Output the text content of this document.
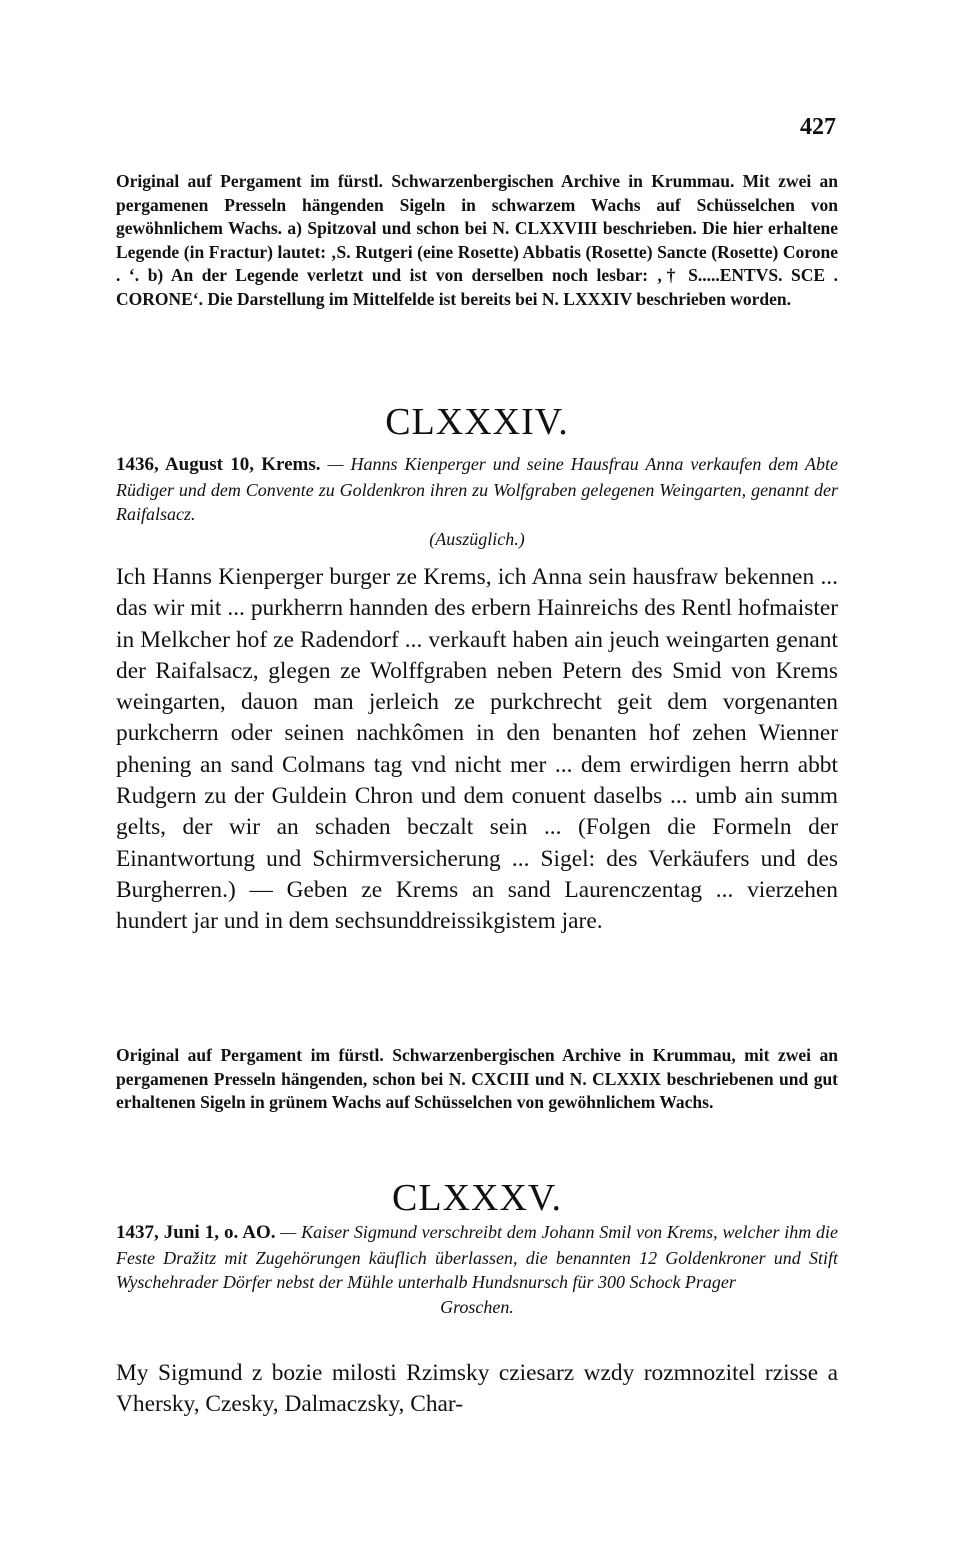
427
Original auf Pergament im fürstl. Schwarzenbergischen Archive in Krummau. Mit zwei an pergamenen Presseln hängenden Sigeln in schwarzem Wachs auf Schüsselchen von gewöhnlichem Wachs. a) Spitzoval und schon bei N. CLXXVIII beschrieben. Die hier erhaltene Legende (in Fractur) lautet: ‚S. Rutgeri (eine Rosette) Abbatis (Rosette) Sancte (Rosette) Corone . ‘. b) An der Legende verletzt und ist von derselben noch lesbar: ‚† S.....ENTVS. SCE . CORONE‘. Die Darstellung im Mittelfelde ist bereits bei N. LXXXIV beschrieben worden.
CLXXXIV.
1436, August 10, Krems. — Hanns Kienperger und seine Hausfrau Anna verkaufen dem Abte Rüdiger und dem Convente zu Goldenkron ihren zu Wolfgraben gelegenen Weingarten, genannt der Raifalsacz.
(Auszüglich.)

Ich Hanns Kienperger burger ze Krems, ich Anna sein hausfraw bekennen ... das wir mit ... purkherrn hannden des erbern Hainreichs des Rentl hofmaister in Melkcher hof ze Radendorf ... verkauft haben ain jeuch weingarten genant der Raifalsacz, glegen ze Wolffgraben neben Petern des Smid von Krems weingarten, dauon man jerleich ze purkchrecht geit dem vorgenanten purkcherrn oder seinen nachkômen in den benanten hof zehen Wienner phening an sand Colmans tag vnd nicht mer ... dem erwirdigen herrn abbt Rudgern zu der Guldein Chron und dem conuent daselbs ... umb ain summ gelts, der wir an schaden beczalt sein ... (Folgen die Formeln der Einantwortung und Schirmversicherung ... Sigel: des Verkäufers und des Burgherren.) — Geben ze Krems an sand Laurenczentag ... vierzehen hundert jar und in dem sechsunddreissikgistem jare.

Original auf Pergament im fürstl. Schwarzenbergischen Archive in Krummau, mit zwei an pergamenen Presseln hängenden, schon bei N. CXCIII und N. CLXXIX beschriebenen und gut erhaltenen Sigeln in grünem Wachs auf Schüsselchen von gewöhnlichem Wachs.
CLXXXV.
1437, Juni 1, o. AO. — Kaiser Sigmund verschreibt dem Johann Smil von Krems, welcher ihm die Feste Dražitz mit Zugehörungen käuflich überlassen, die benannten 12 Goldenkroner und Stift Wyschehrader Dörfer nebst der Mühle unterhalb Hundsnursch für 300 Schock Prager
Groschen.

My Sigmund z bozie milosti Rzimsky cziesarz wzdy rozmnozitel rzisse a Vhersky, Czesky, Dalmaczsky, Char-
